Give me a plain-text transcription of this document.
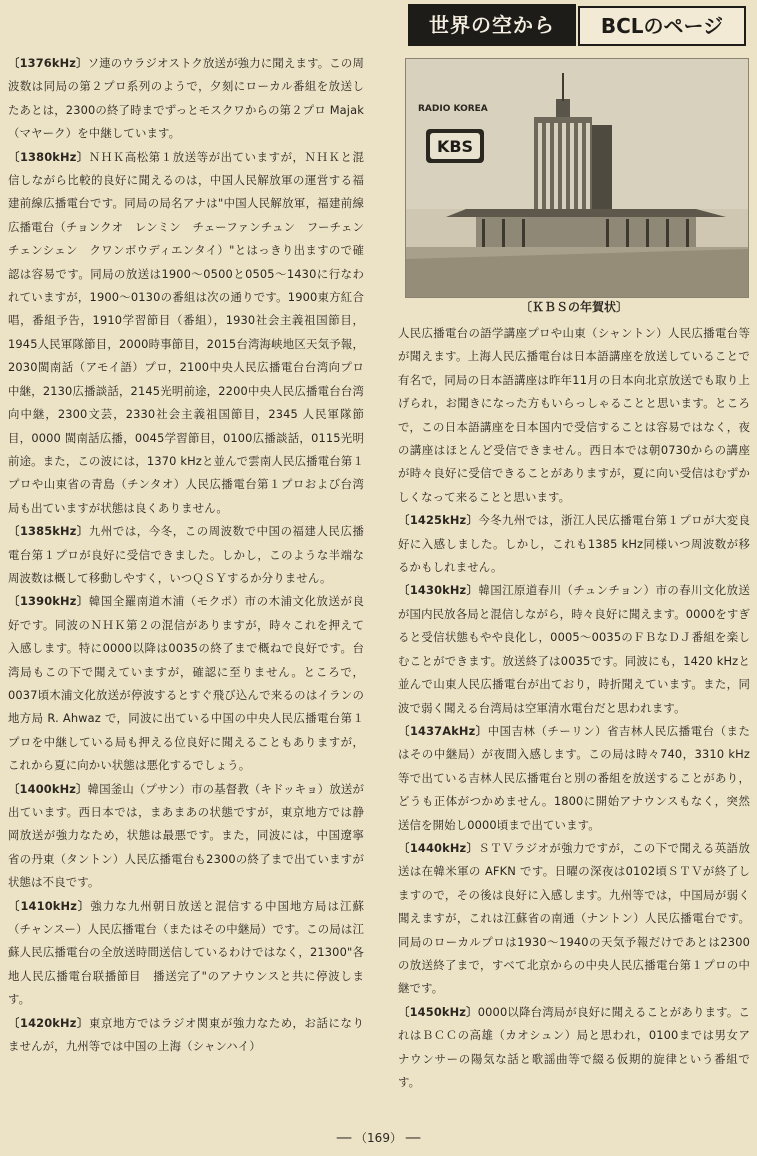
世界の空から	BCLのページ
KBS
RADIO KOREA
〔ＫＢＳの年賀状〕

〔1376kHz〕ソ連のウラジオストク放送が強力に聞えます。この周波数は同局の第２プロ系列のようで，夕刻にローカル番組を放送したあとは，2300の終了時までずっとモスクワからの第２プロ Majak（マヤーク）を中継しています。

〔1380kHz〕ＮＨＫ高松第１放送等が出ていますが，ＮＨＫと混信しながら比較的良好に聞えるのは，中国人民解放軍の運営する福建前線広播電台です。同局の局名アナは"中国人民解放軍，福建前線広播電台（チョンクオ　レンミン　チェーファンチュン　フーチェン　チェンシェン　クワンボウディエンタイ）"とはっきり出ますので確認は容易です。同局の放送は1900～0500と0505～1430に行なわれていますが，1900～0130の番組は次の通りです。1900東方紅合唱，番組予告，1910学習節目（番組），1930社会主義祖国節目，1945人民軍隊節目，2000時事節目，2015台湾海峡地区天気予報，2030閩南話（アモイ語）プロ，2100中央人民広播電台台湾向プロ中継，2130広播談話，2145光明前途，2200中央人民広播電台台湾向中継，2300文芸，2330社会主義祖国節目，2345 人民軍隊節目，0000 閩南話広播，0045学習節目，0100広播談話，0115光明前途。また，この波には，1370 kHzと並んで雲南人民広播電台第１プロや山東省の青島（チンタオ）人民広播電台第１プロおよび台湾局も出ていますが状態は良くありません。

〔1385kHz〕九州では，今冬，この周波数で中国の福建人民広播電台第１プロが良好に受信できました。しかし，このような半端な周波数は概して移動しやすく，いつＱＳＹするか分りません。

〔1390kHz〕韓国全羅南道木浦（モクポ）市の木浦文化放送が良好です。同波のＮＨＫ第２の混信がありますが，時々これを押えて入感します。特に0000以降は0035の終了まで概ねで良好です。台湾局もこの下で聞えていますが，確認に至りません。ところで，0037頃木浦文化放送が停波するとすぐ飛び込んで来るのはイランの地方局 R. Ahwaz で，同波に出ている中国の中央人民広播電台第１プロを中継している局も押える位良好に聞えることもありますが，これから夏に向かい状態は悪化するでしょう。

〔1400kHz〕韓国釜山（プサン）市の基督教（キドッキョ）放送が出ています。西日本では，まあまあの状態ですが，東京地方では静岡放送が強力なため，状態は最悪です。また，同波には，中国遼寧省の丹東（タントン）人民広播電台も2300の終了まで出ていますが状態は不良です。

〔1410kHz〕強力な九州朝日放送と混信する中国地方局は江蘇（チャンスー）人民広播電台（またはその中継局）です。この局は江蘇人民広播電台の全放送時間送信しているわけではなく，21300"各地人民広播電台联播節目　播送完了"のアナウンスと共に停波します。

〔1420kHz〕東京地方ではラジオ関東が強力なため，お話になりませんが，九州等では中国の上海（シャンハイ）

人民広播電台の語学講座プロや山東（シャントン）人民広播電台等が聞えます。上海人民広播電台は日本語講座を放送していることで有名で，同局の日本語講座は昨年11月の日本向北京放送でも取り上げられ，お聞きになった方もいらっしゃることと思います。ところで，この日本語講座を日本国内で受信することは容易ではなく，夜の講座はほとんど受信できません。西日本では朝0730からの講座が時々良好に受信できることがありますが，夏に向い受信はむずかしくなって来ることと思います。

〔1425kHz〕今冬九州では，浙江人民広播電台第１プロが大変良好に入感しました。しかし，これも1385 kHz同様いつ周波数が移るかもしれません。

〔1430kHz〕韓国江原道春川（チュンチョン）市の春川文化放送が国内民放各局と混信しながら，時々良好に聞えます。0000をすぎると受信状態もやや良化し，0005～0035のＦＢなＤＪ番組を楽しむことができます。放送終了は0035です。同波にも，1420 kHzと並んで山東人民広播電台が出ており，時折聞えています。また，同波で弱く聞える台湾局は空軍清水電台だと思われます。

〔1437AkHz〕中国吉林（チーリン）省吉林人民広播電台（またはその中継局）が夜間入感します。この局は時々740，3310 kHz 等で出ている吉林人民広播電台と別の番組を放送することがあり，どうも正体がつかめません。1800に開始アナウンスもなく，突然送信を開始し0000頃まで出ています。

〔1440kHz〕ＳＴＶラジオが強力ですが，この下で聞える英語放送は在韓米軍の AFKN です。日曜の深夜は0102頃ＳＴＶが終了しますので，その後は良好に入感します。九州等では，中国局が弱く聞えますが，これは江蘇省の南通（ナントン）人民広播電台です。同局のローカルプロは1930～1940の天気予報だけであとは2300の放送終了まで，すべて北京からの中央人民広播電台第１プロの中継です。

〔1450kHz〕0000以降台湾局が良好に聞えることがあります。これはＢＣＣの高雄（カオシュン）局と思われ，0100までは男女アナウンサーの陽気な話と歌謡曲等で綴る仮期的旋律という番組です。

── （169） ──
